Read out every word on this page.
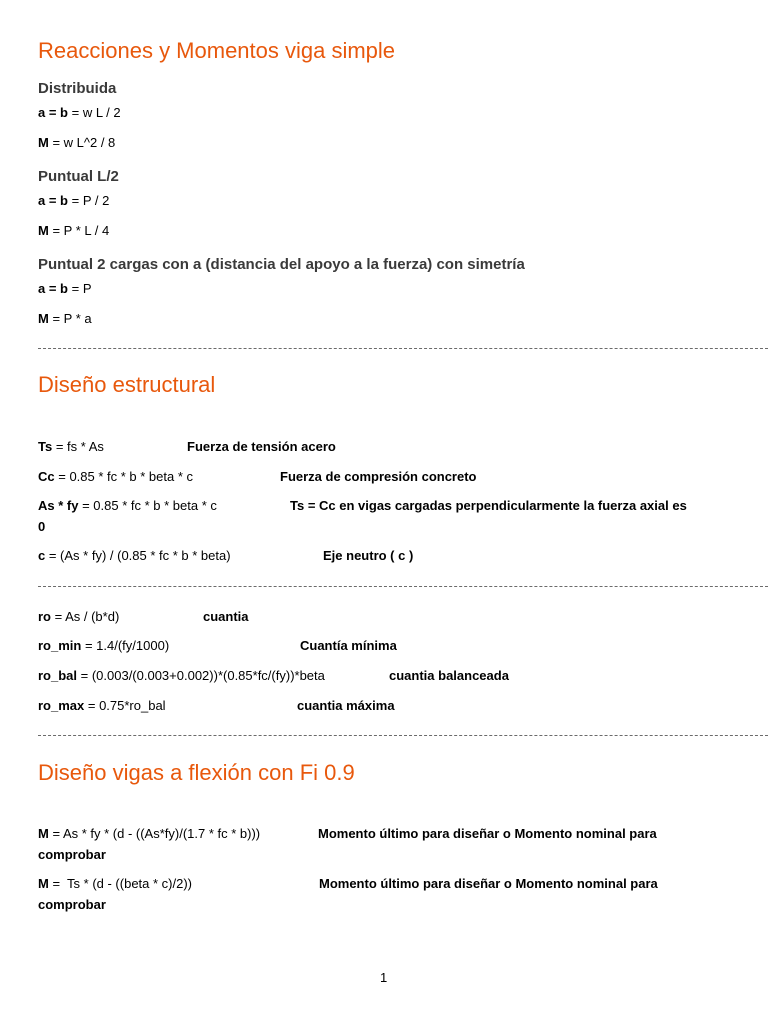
Reacciones y Momentos viga simple
Distribuida
a = b = w L / 2
M = w L^2 / 8
Puntual L/2
a = b = P / 2
M = P * L / 4
Puntual 2 cargas con a (distancia del apoyo a la fuerza) con simetría
a = b = P
M = P * a
Diseño estructural
Ts = fs * As	Fuerza de tensión acero
Cc = 0.85 * fc * b * beta * c	Fuerza de compresión concreto
As * fy = 0.85 * fc * b * beta * c	Ts = Cc en vigas cargadas perpendicularmente la fuerza axial es
0
c = (As * fy) / (0.85 * fc * b * beta)	Eje neutro ( c )
ro = As / (b*d)	cuantia
ro_min = 1.4/(fy/1000)	Cuantía mínima
ro_bal = (0.003/(0.003+0.002))*(0.85*fc/(fy))*beta	cuantia balanceada
ro_max = 0.75*ro_bal	cuantia máxima
Diseño vigas a flexión con Fi 0.9
M = As * fy * (d - ((As*fy)/(1.7 * fc * b)))	Momento último para diseñar o Momento nominal para
comprobar
M =  Ts * (d - ((beta * c)/2))	Momento último para diseñar o Momento nominal para
comprobar
1
